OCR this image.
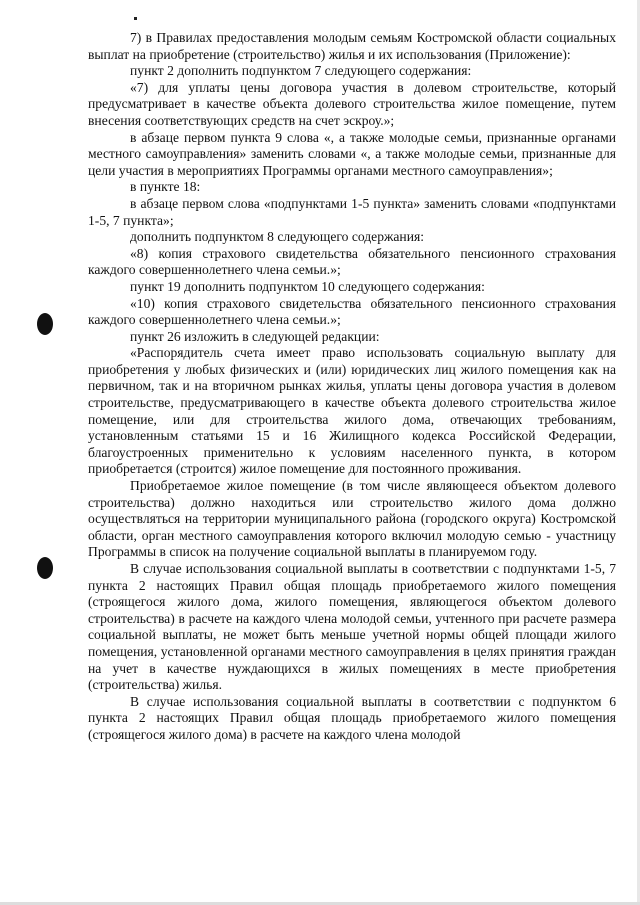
7) в Правилах предоставления молодым семьям Костромской области социальных выплат на приобретение (строительство) жилья и их использования (Приложение):

пункт 2 дополнить подпунктом 7 следующего содержания:

«7) для уплаты цены договора участия в долевом строительстве, который предусматривает в качестве объекта долевого строительства жилое помещение, путем внесения соответствующих средств на счет эскроу.»;

в абзаце первом пункта 9 слова «, а также молодые семьи, признанные органами местного самоуправления» заменить словами «, а также молодые семьи, признанные для цели участия в мероприятиях Программы органами местного самоуправления»;

в пункте 18:

в абзаце первом слова «подпунктами 1-5 пункта» заменить словами «подпунктами 1-5, 7 пункта»;

дополнить подпунктом 8 следующего содержания:

«8) копия страхового свидетельства обязательного пенсионного страхования каждого совершеннолетнего члена семьи.»;

пункт 19 дополнить подпунктом 10 следующего содержания:

«10) копия страхового свидетельства обязательного пенсионного страхования каждого совершеннолетнего члена семьи.»;

пункт 26 изложить в следующей редакции:

«Распорядитель счета имеет право использовать социальную выплату для приобретения у любых физических и (или) юридических лиц жилого помещения как на первичном, так и на вторичном рынках жилья, уплаты цены договора участия в долевом строительстве, предусматривающего в качестве объекта долевого строительства жилое помещение, или для строительства жилого дома, отвечающих требованиям, установленным статьями 15 и 16 Жилищного кодекса Российской Федерации, благоустроенных применительно к условиям населенного пункта, в котором приобретается (строится) жилое помещение для постоянного проживания.

Приобретаемое жилое помещение (в том числе являющееся объектом долевого строительства) должно находиться или строительство жилого дома должно осуществляться на территории муниципального района (городского округа) Костромской области, орган местного самоуправления которого включил молодую семью - участницу Программы в список на получение социальной выплаты в планируемом году.

В случае использования социальной выплаты в соответствии с подпунктами 1-5, 7 пункта 2 настоящих Правил общая площадь приобретаемого жилого помещения (строящегося жилого дома, жилого помещения, являющегося объектом долевого строительства) в расчете на каждого члена молодой семьи, учтенного при расчете размера социальной выплаты, не может быть меньше учетной нормы общей площади жилого помещения, установленной органами местного самоуправления в целях принятия граждан на учет в качестве нуждающихся в жилых помещениях в месте приобретения (строительства) жилья.

В случае использования социальной выплаты в соответствии с подпунктом 6 пункта 2 настоящих Правил общая площадь приобретаемого жилого помещения (строящегося жилого дома) в расчете на каждого члена молодой
